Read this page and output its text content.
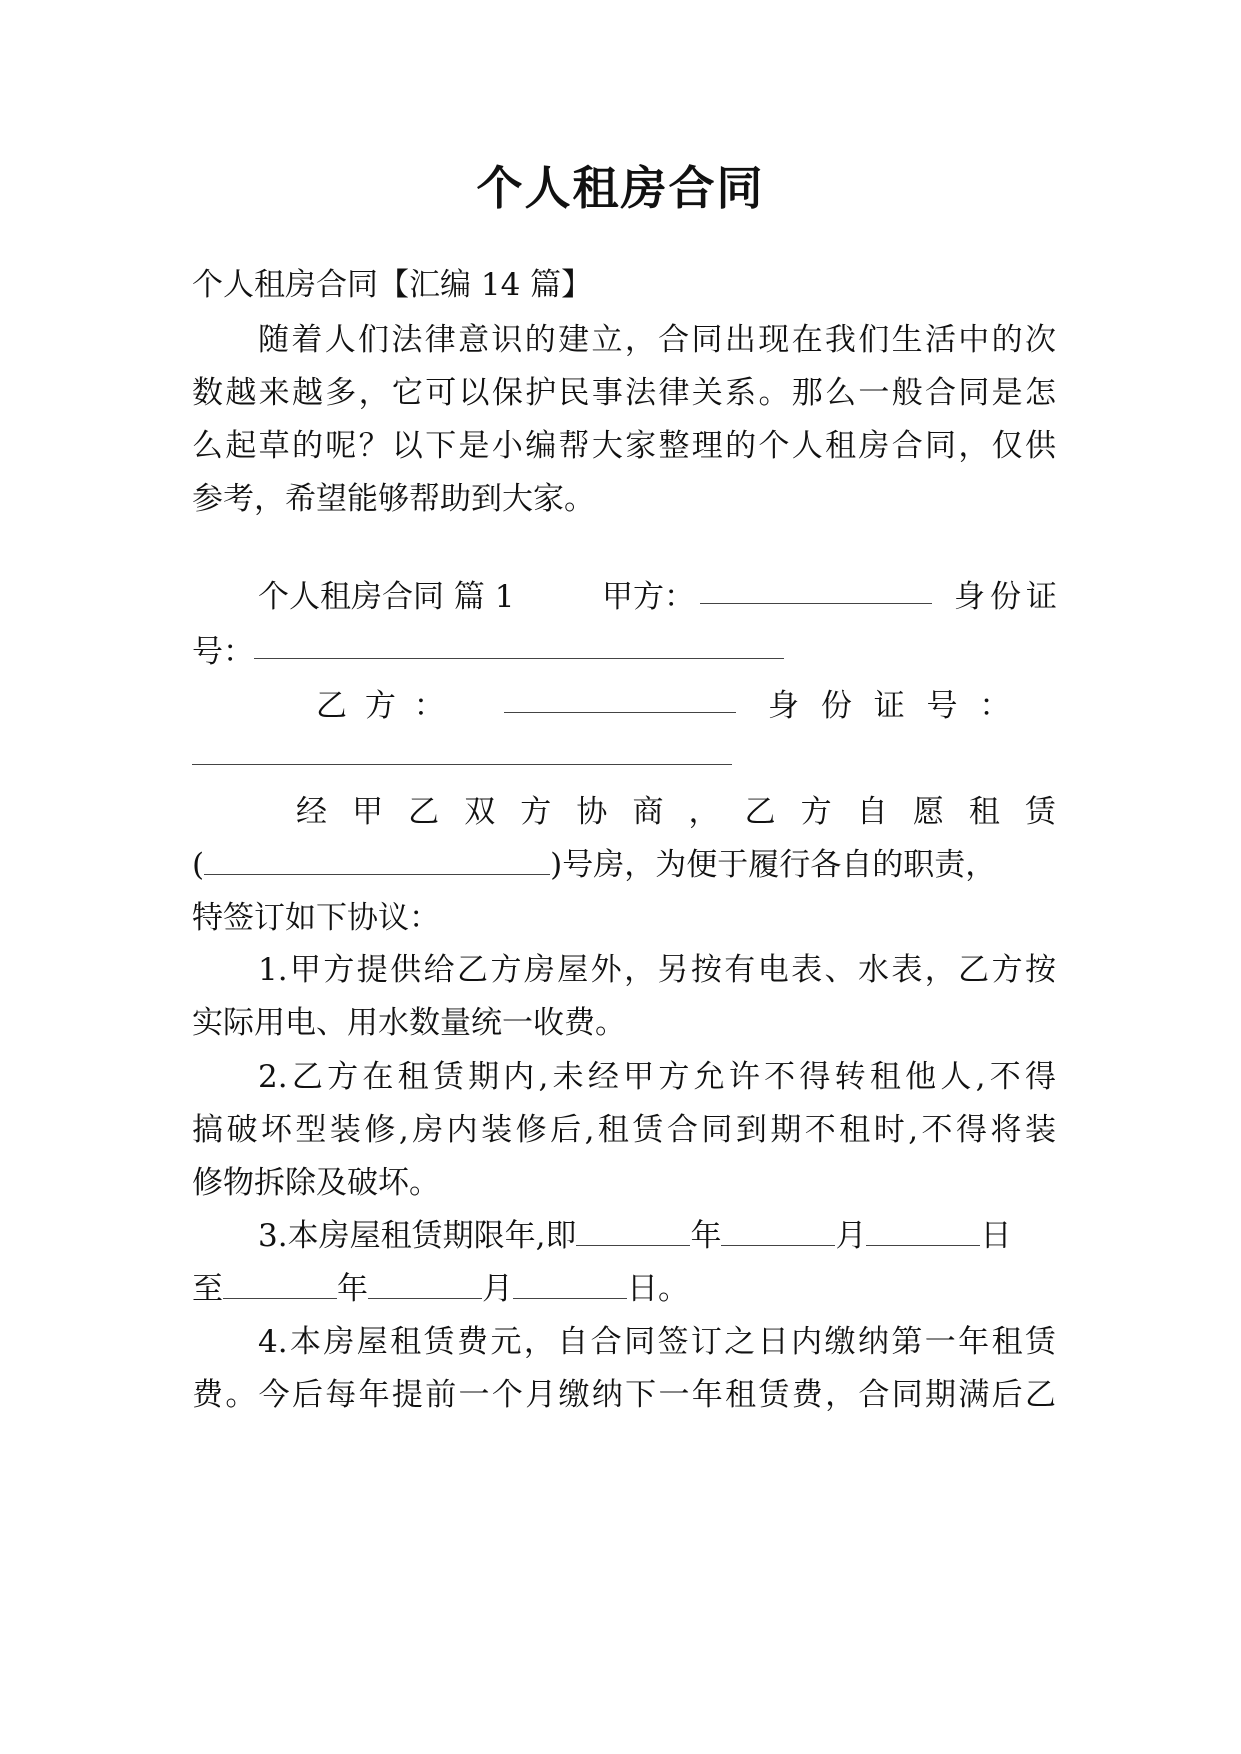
个人租房合同
个人租房合同【汇编 14 篇】
随着人们法律意识的建立，合同出现在我们生活中的次
数越来越多，它可以保护民事法律关系。那么一般合同是怎
么起草的呢？以下是小编帮大家整理的个人租房合同，仅供
参考，希望能够帮助到大家。
个人租房合同 篇 1	甲方：	身份证
号：
乙 方 ：	身 份 证 号 ：
经 甲 乙 双 方 协 商 ， 乙 方 自 愿 租 赁
(	)号房，为便于履行各自的职责，
特签订如下协议：
1.甲方提供给乙方房屋外，另按有电表、水表，乙方按
实际用电、用水数量统一收费。
2.乙方在租赁期内,未经甲方允许不得转租他人,不得
搞破坏型装修,房内装修后,租赁合同到期不租时,不得将装
修物拆除及破坏。
3.本房屋租赁期限年,即	年	月	日
至	年	月	日。
4.本房屋租赁费元，自合同签订之日内缴纳第一年租赁
费。今后每年提前一个月缴纳下一年租赁费，合同期满后乙
